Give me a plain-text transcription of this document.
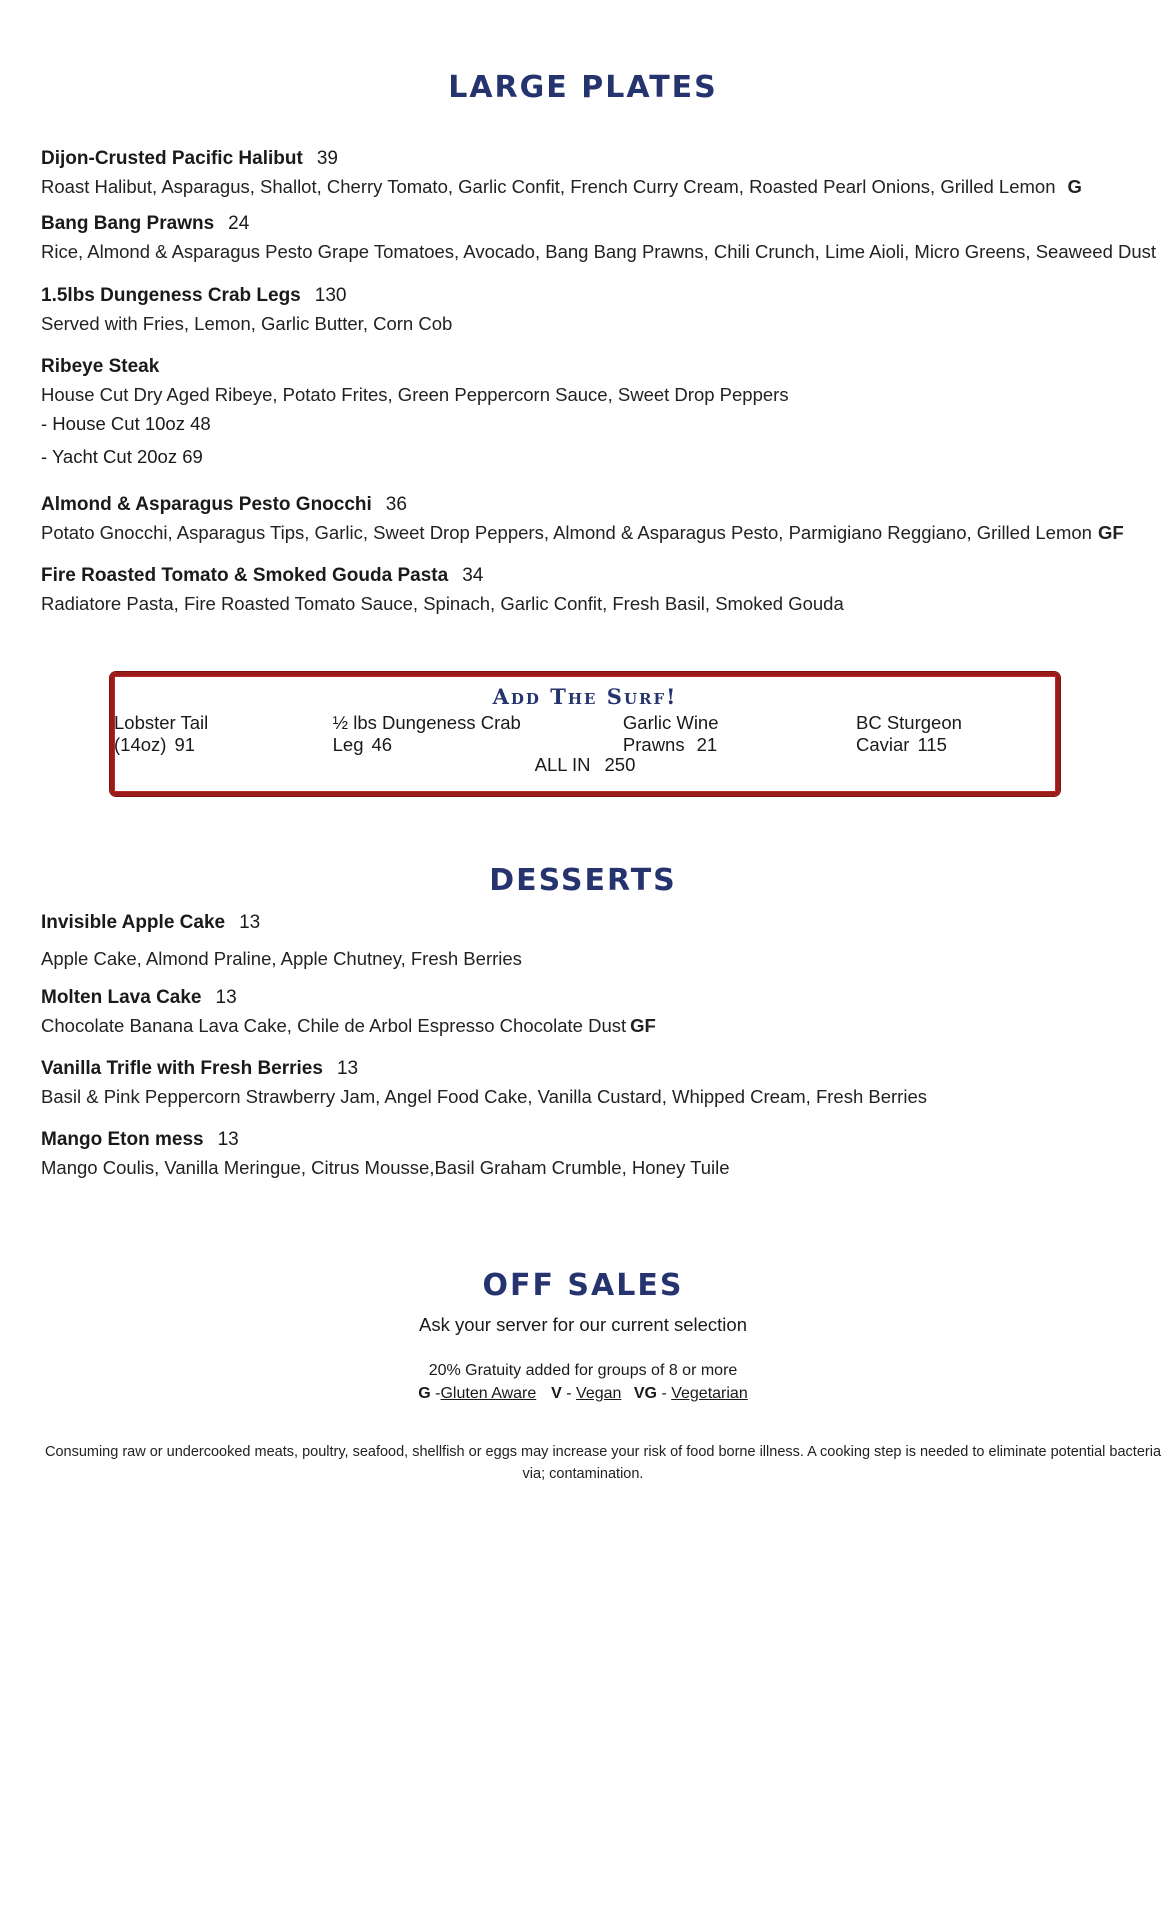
LARGE PLATES
Dijon-Crusted Pacific Halibut 39
Roast Halibut, Asparagus, Shallot, Cherry Tomato, Garlic Confit, French Curry Cream, Roasted Pearl Onions, Grilled Lemon G
Bang Bang Prawns 24
Rice, Almond & Asparagus Pesto Grape Tomatoes, Avocado, Bang Bang Prawns, Chili Crunch, Lime Aioli, Micro Greens, Seaweed Dust
1.5lbs Dungeness Crab Legs 130
Served with Fries, Lemon, Garlic Butter, Corn Cob
Ribeye Steak
House Cut Dry Aged Ribeye, Potato Frites, Green Peppercorn Sauce, Sweet Drop Peppers
- House Cut 10oz 48
- Yacht Cut 20oz 69
Almond & Asparagus Pesto Gnocchi 36
Potato Gnocchi, Asparagus Tips, Garlic, Sweet Drop Peppers, Almond & Asparagus Pesto, Parmigiano Reggiano, Grilled Lemon GF
Fire Roasted Tomato & Smoked Gouda Pasta 34
Radiatore Pasta, Fire Roasted Tomato Sauce, Spinach, Garlic Confit, Fresh Basil, Smoked Gouda
Add The Surf!
Lobster Tail (14oz) 91
½ lbs Dungeness Crab Leg 46
Garlic Wine Prawns 21
BC Sturgeon Caviar 115
ALL IN 250
DESSERTS
Invisible Apple Cake 13
Apple Cake, Almond Praline, Apple Chutney, Fresh Berries
Molten Lava Cake 13
Chocolate Banana Lava Cake, Chile de Arbol Espresso Chocolate Dust GF
Vanilla Trifle with Fresh Berries 13
Basil & Pink Peppercorn Strawberry Jam, Angel Food Cake, Vanilla Custard, Whipped Cream, Fresh Berries
Mango Eton mess 13
Mango Coulis, Vanilla Meringue, Citrus Mousse,Basil Graham Crumble, Honey Tuile
OFF SALES
Ask your server for our current selection
20% Gratuity added for groups of 8 or more
G -Gluten Aware V - Vegan VG - Vegetarian
Consuming raw or undercooked meats, poultry, seafood, shellfish or eggs may increase your risk of food borne illness. A cooking step is needed to eliminate potential bacteria
via; contamination.
